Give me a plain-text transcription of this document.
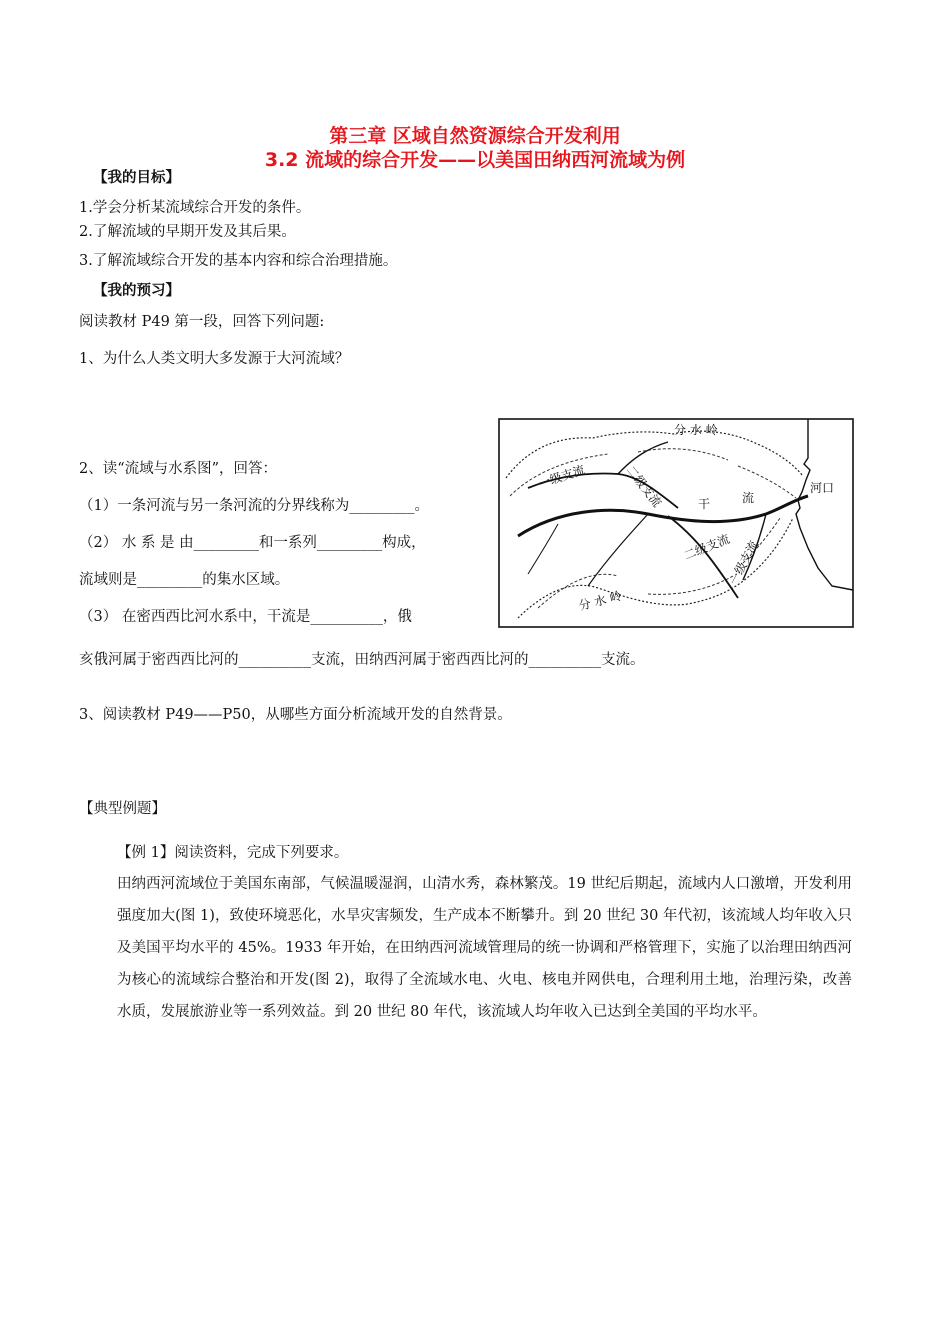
第三章 区域自然资源综合开发利用
3.2 流域的综合开发——以美国田纳西河流域为例
【我的目标】
1.学会分析某流域综合开发的条件。
2.了解流域的早期开发及其后果。
3.了解流域综合开发的基本内容和综合治理措施。
【我的预习】
阅读教材 P49 第一段，回答下列问题:
1、为什么人类文明大多发源于大河流域？
2、读“流域与水系图”，回答：
（1）一条河流与另一条河流的分界线称为_________。
（2） 水 系 是 由_________和一系列_________构成，
流域则是_________的集水区域。
（3） 在密西西比河水系中，干流是__________，俄
亥俄河属于密西西比河的__________支流，田纳西河属于密西西比河的__________支流。
3、阅读教材 P49——P50，从哪些方面分析流域开发的自然背景。
分 水 岭
一级支流	二级支流	干	流
河口
二级支流
一级支流
分 水 岭
【典型例题】
【例 1】阅读资料，完成下列要求。
田纳西河流域位于美国东南部，气候温暖湿润，山清水秀，森林繁茂。19 世纪后期起，流域内人口激增，开发利用强度加大(图 1)，致使环境恶化，水旱灾害频发，生产成本不断攀升。到 20 世纪 30 年代初，该流域人均年收入只及美国平均水平的 45%。1933 年开始，在田纳西河流域管理局的统一协调和严格管理下，实施了以治理田纳西河为核心的流域综合整治和开发(图 2)，取得了全流域水电、火电、核电并网供电，合理利用土地，治理污染，改善水质，发展旅游业等一系列效益。到 20 世纪 80 年代，该流域人均年收入已达到全美国的平均水平。
